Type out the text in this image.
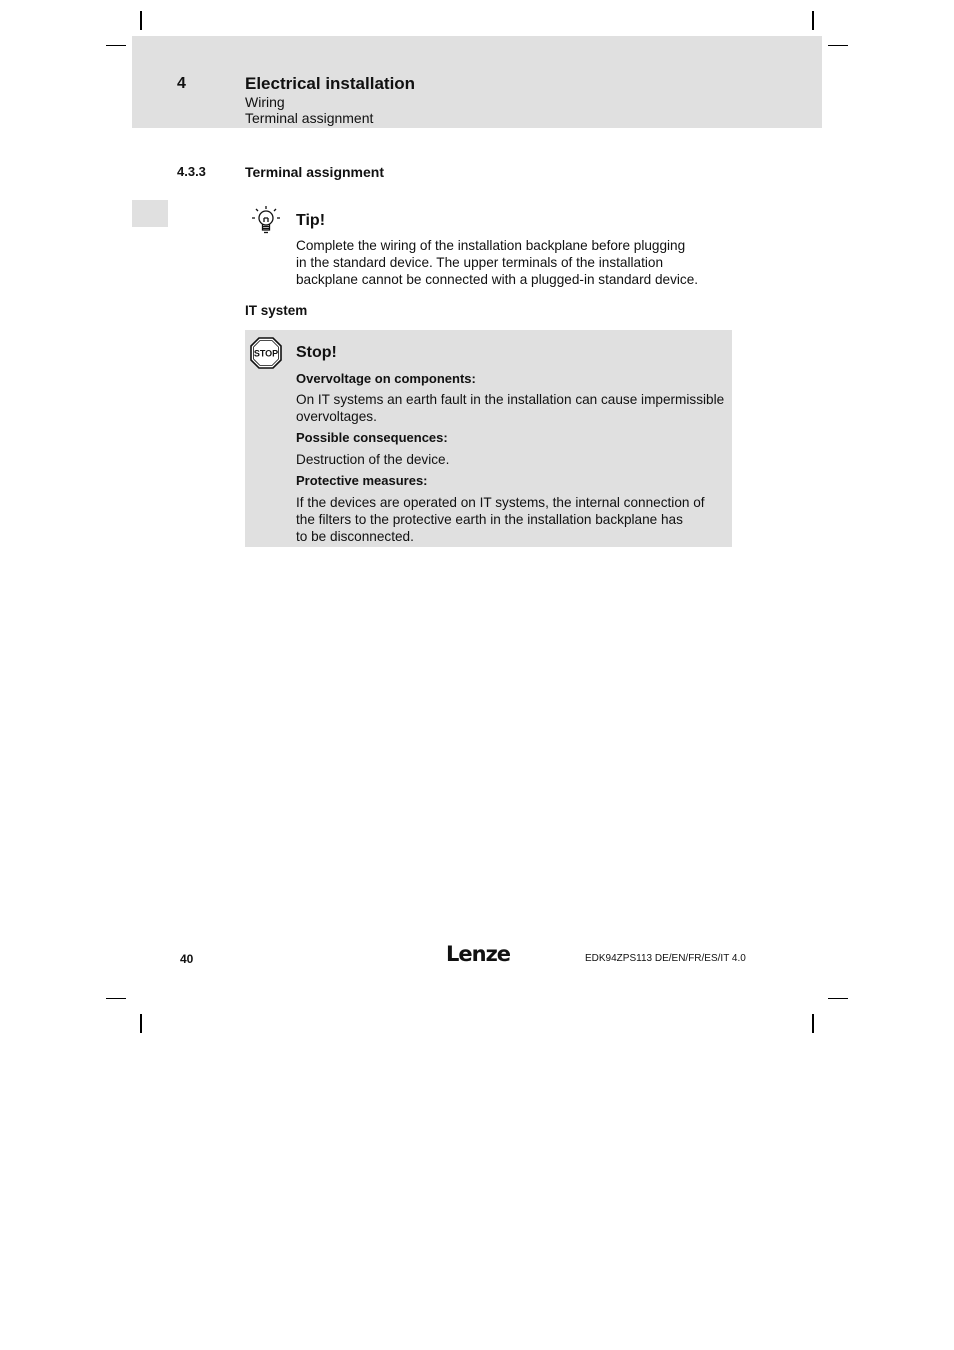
4	Electrical installation
Wiring
Terminal assignment
4.3.3	Terminal assignment
Tip!
Complete the wiring of the installation backplane before plugging
in the standard device. The upper terminals of the installation
backplane cannot be connected with a plugged-in standard device.
IT system
STOP Stop!

Overvoltage on components:

On IT systems an earth fault in the installation can cause impermissible overvoltages.

Possible consequences:

Destruction of the device.

Protective measures:

If the devices are operated on IT systems, the internal connection of

the filters to the protective earth in the installation backplane has

to be disconnected.

40	Lenze	EDK94ZPS113 DE/EN/FR/ES/IT 4.0
